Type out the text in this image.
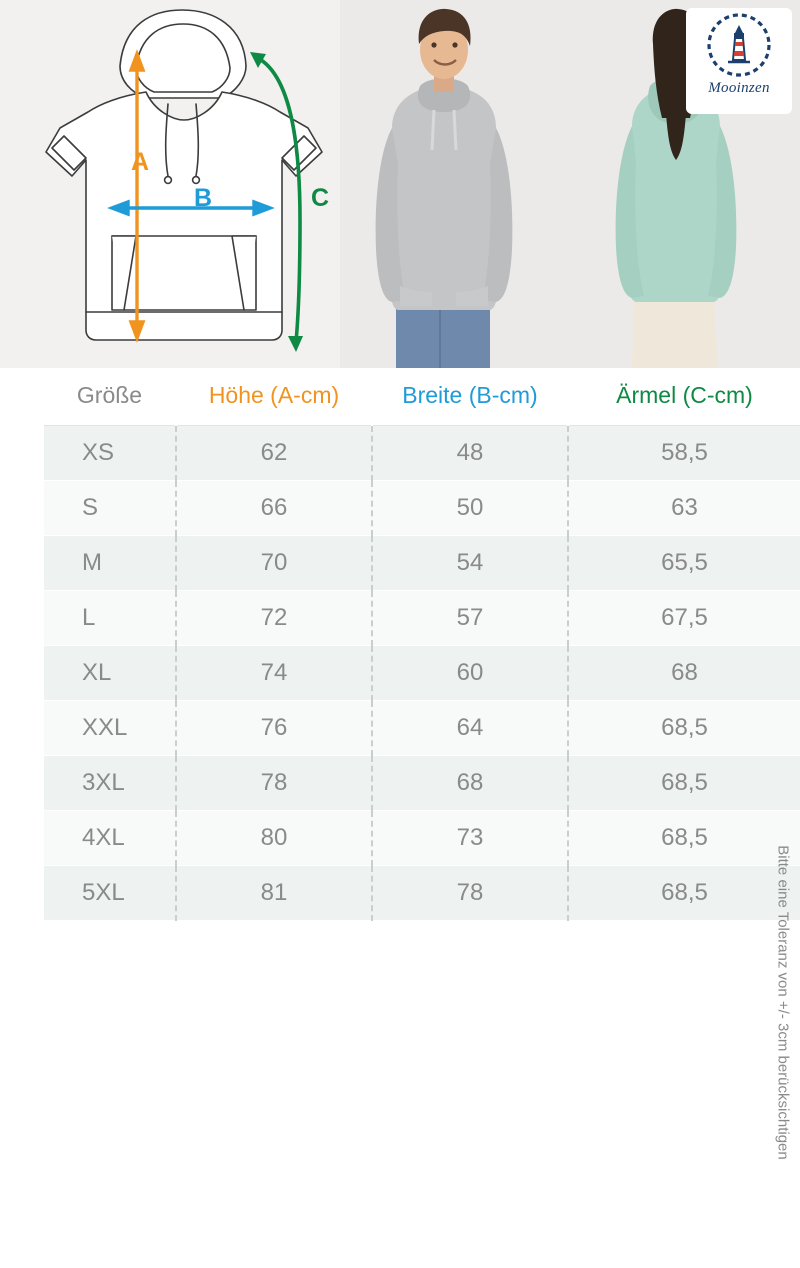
A
B	C
Mooinzen
Größe	Höhe (A-cm)	Breite (B-cm)	Ärmel (C-cm)
XS	62	48	58,5
S	66	50	63
M	70	54	65,5
L	72	57	67,5
XL	74	60	68
XXL	76	64	68,5
3XL	78	68	68,5
4XL	80	73	68,5
5XL	81	78	68,5	Bitte eine Toleranz von +/- 3cm berücksichtigen
